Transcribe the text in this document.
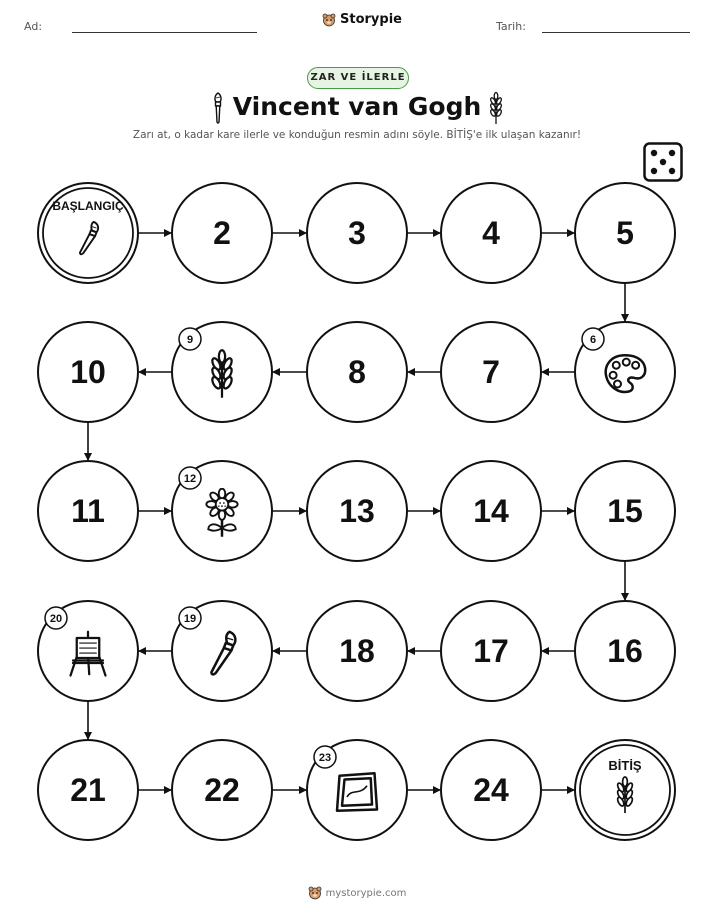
Ad:	Storypie	Tarih:
ZAR VE İLERLE
Vincent van Gogh
Zarı at, o kadar kare ilerle ve konduğun resmin adını söyle. BİTİŞ'e ilk ulaşan kazanır!
BAŞLANGIÇ
2	3	4	5
6
7
8
9
10
11
12
13	14	15
16
17
18
19
20
21	22
23
24
BİTİŞ
mystorypie.com
